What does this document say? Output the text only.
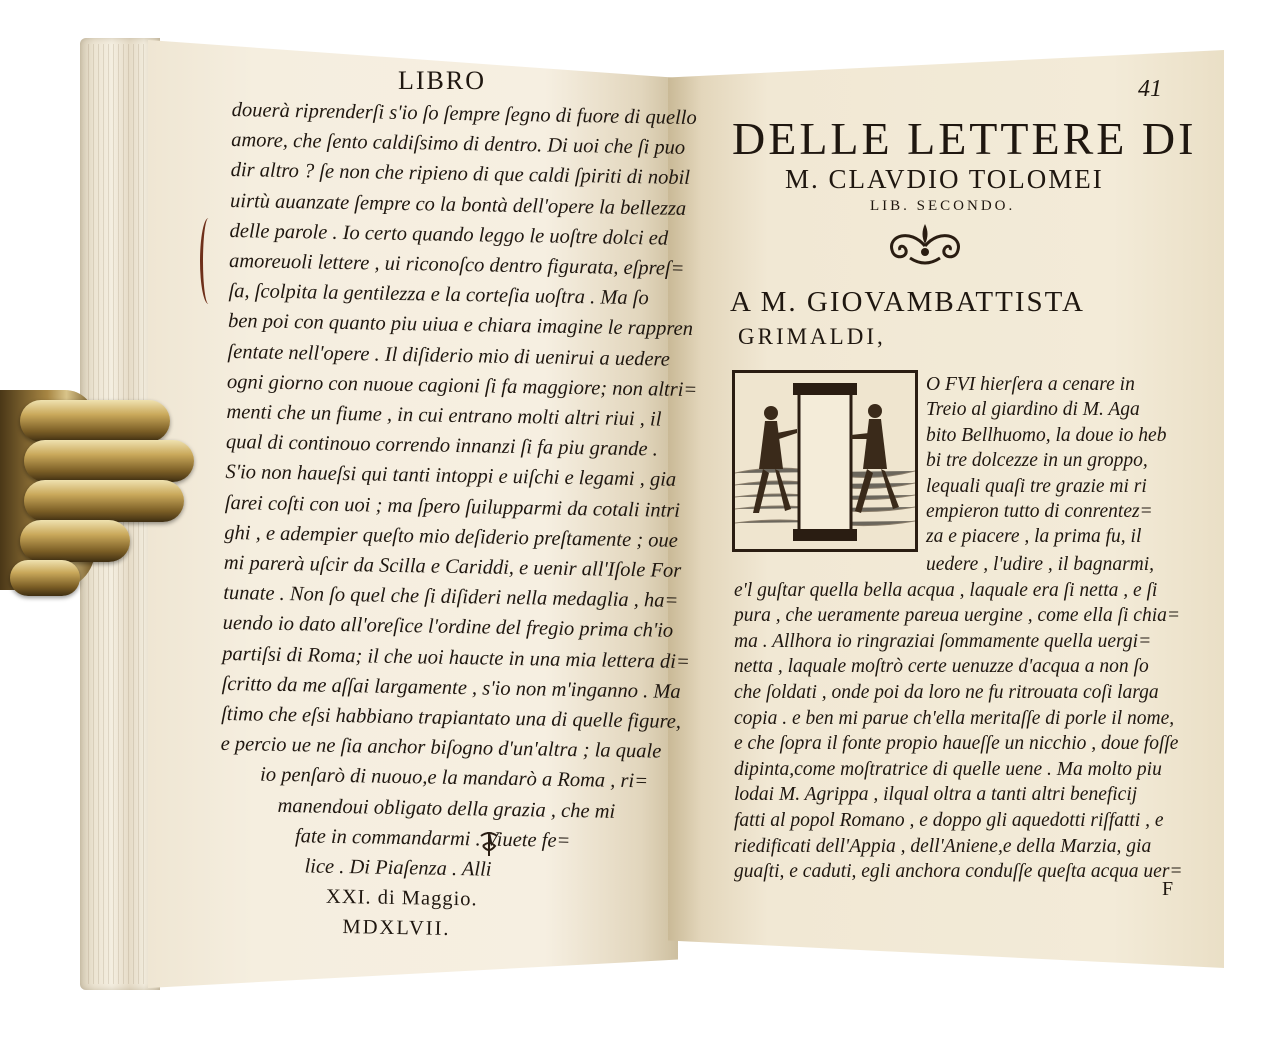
LIBRO
douerà riprenderſi s'io ſo ſempre ſegno di fuore di quello
amore, che ſento caldiſsimo di dentro. Di uoi che ſi puo
dir altro ? ſe non che ripieno di que caldi ſpiriti di nobil
uirtù auanzate ſempre co la bontà dell'opere la bellezza
delle parole . Io certo quando leggo le uoſtre dolci ed
amoreuoli lettere , ui riconoſco dentro figurata, eſpreſ=
ſa, ſcolpita la gentilezza e la corteſia uoſtra . Ma ſo
ben poi con quanto piu uiua e chiara imagine le rappren
ſentate nell'opere . Il diſiderio mio di uenirui a uedere
ogni giorno con nuoue cagioni ſi fa maggiore; non altri=
menti che un fiume , in cui entrano molti altri riui , il
qual di continouo correndo innanzi ſi fa piu grande .
S'io non haueſsi qui tanti intoppi e uiſchi e legami , gia
ſarei coſti con uoi ; ma ſpero ſuilupparmi da cotali intri
ghi , e adempier queſto mio deſiderio preſtamente ; oue
mi parerà uſcir da Scilla e Cariddi, e uenir all'Iſole For
tunate . Non ſo quel che ſi diſideri nella medaglia , ha=
uendo io dato all'oreſice l'ordine del fregio prima ch'io
partiſsi di Roma; il che uoi haucte in una mia lettera di=
ſcritto da me aſſai largamente , s'io non m'inganno . Ma
ſtimo che eſsi habbiano trapiantato una di quelle figure,
e percio ue ne ſia anchor biſogno d'un'altra ; la quale
io penſarò di nuouo,e la mandarò a Roma , ri=
manendoui obligato della grazia , che mi
fate in commandarmi . Viuete fe=
lice . Di Piaſenza . Alli
XXI. di Maggio.
MDXLVII.
41
DELLE LETTERE DI
M. CLAVDIO TOLOMEI
LIB. SECONDO.
A M. GIOVAMBATTISTA
GRIMALDI,
O FVI hierſera a cenare in
Treio al giardino di M. Aga
bito Bellhuomo, la doue io heb
bi tre dolcezze in un groppo,
lequali quaſi tre grazie mi ri
empieron tutto di conrentez=
za e piacere , la prima fu, il
uedere , l'udire , il bagnarmi,
e'l guſtar quella bella acqua , laquale era ſi netta , e ſi
pura , che ueramente pareua uergine , come ella ſi chia=
ma . Allhora io ringraziai ſommamente quella uergi=
netta , laquale moſtrò certe uenuzze d'acqua a non ſo
che ſoldati , onde poi da loro ne fu ritrouata coſi larga
copia . e ben mi parue ch'ella meritaſſe di porle il nome,
e che ſopra il fonte propio haueſſe un nicchio , doue foſſe
dipinta,come moſtratrice di quelle uene . Ma molto piu
lodai M. Agrippa , ilqual oltra a tanti altri beneficij
fatti al popol Romano , e doppo gli aquedotti riſfatti , e
riedificati dell'Appia , dell'Aniene,e della Marzia, gia
guaſti, e caduti, egli anchora conduſſe queſta acqua uer=
F
